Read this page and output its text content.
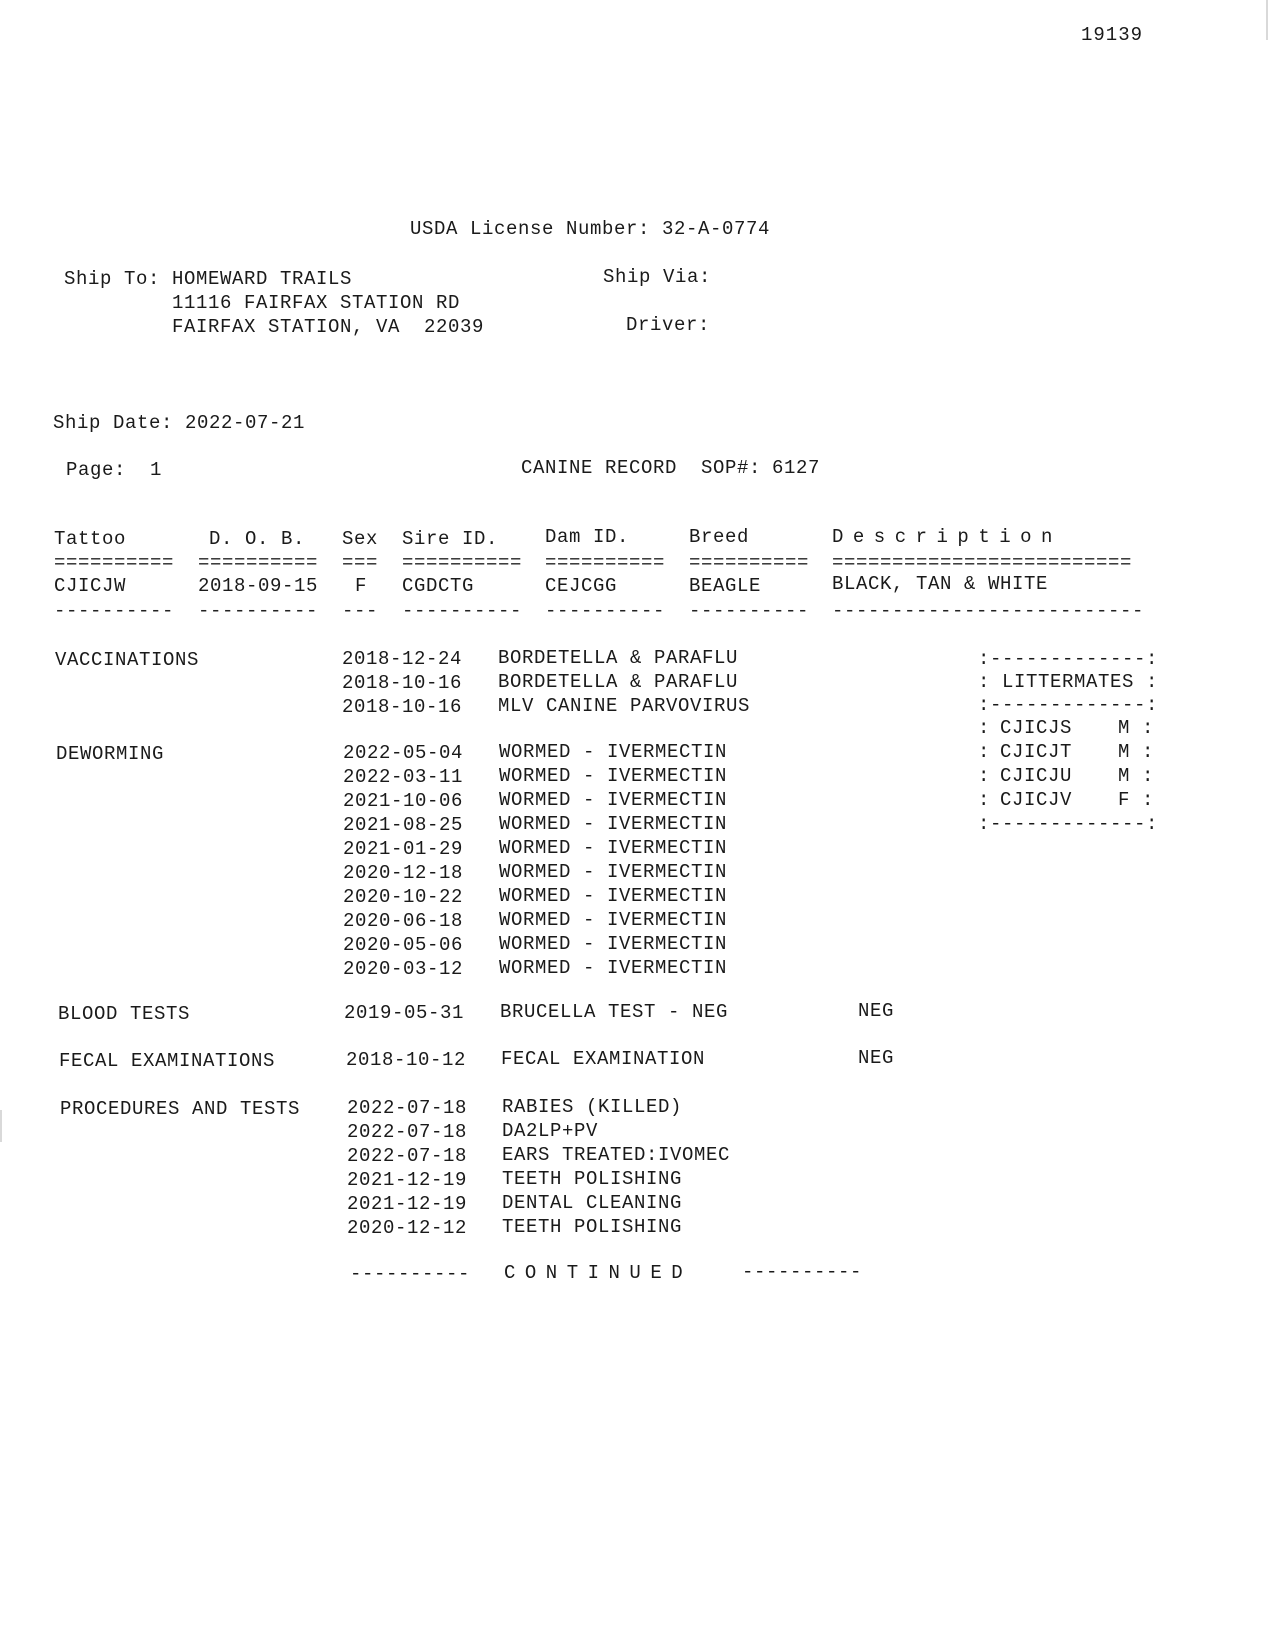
19139
USDA License Number: 32-A-0774
Ship To: HOMEWARD TRAILS
11116 FAIRFAX STATION RD
FAIRFAX STATION, VA  22039
Ship Via:
Driver:
Ship Date: 2022-07-21
Page: 1	CANINE RECORD SOP#: 6127
Tattoo	D. O. B. Sex Sire ID. Dam ID.	Breed	Description
========== ========== === ========== ========== ========== =========================
CJICJW	2018-09-15 F CGDCTG	CEJCGG	BEAGLE	BLACK, TAN & WHITE
---------- ---------- --- ---------- ---------- ---------- --------------------------
VACCINATIONS	2018-12-24 BORDETELLA & PARAFLU
2018-10-16 BORDETELLA & PARAFLU
2018-10-16 MLV CANINE PARVOVIRUS
:-------------:
: LITTERMATES :
:-------------:
: CJICJS M :
: CJICJT M :
: CJICJU M :
: CJICJV F :
:-------------:
DEWORMING	2022-05-04 WORMED - IVERMECTIN
2022-03-11 WORMED - IVERMECTIN
2021-10-06 WORMED - IVERMECTIN
2021-08-25 WORMED - IVERMECTIN
2021-01-29 WORMED - IVERMECTIN
2020-12-18 WORMED - IVERMECTIN
2020-10-22 WORMED - IVERMECTIN
2020-06-18 WORMED - IVERMECTIN
2020-05-06 WORMED - IVERMECTIN
2020-03-12 WORMED - IVERMECTIN
BLOOD TESTS	2019-05-31 BRUCELLA TEST - NEG	NEG
FECAL EXAMINATIONS	2018-10-12 FECAL EXAMINATION	NEG
PROCEDURES AND TESTS 2022-07-18 RABIES (KILLED)
2022-07-18 DA2LP+PV
2022-07-18 EARS TREATED:IVOMEC
2021-12-19 TEETH POLISHING
2021-12-19 DENTAL CLEANING
2020-12-12 TEETH POLISHING
---------- CONTINUED	----------
